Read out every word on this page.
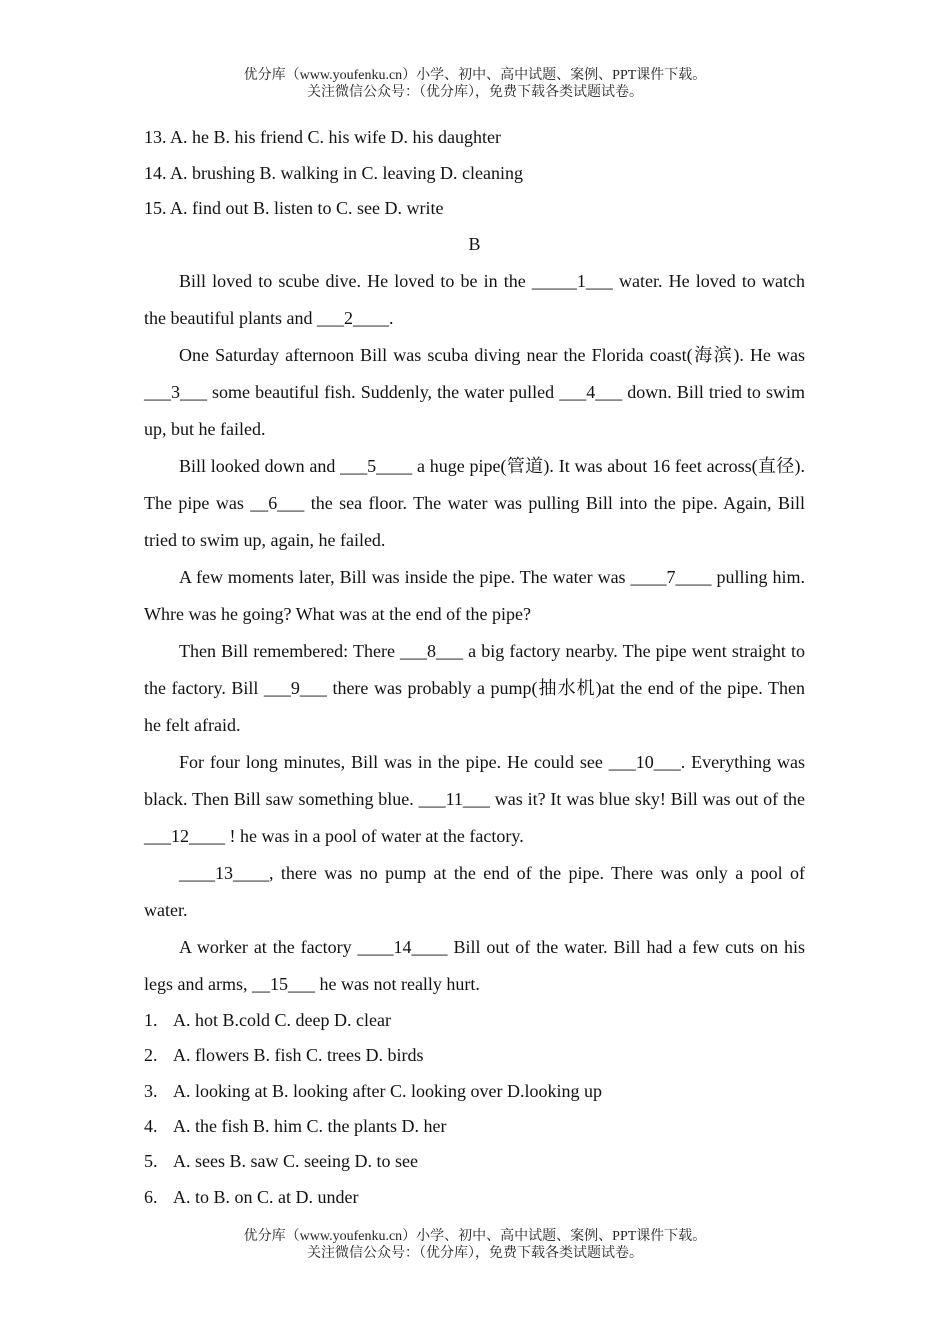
优分库（www.youfenku.cn）小学、初中、高中试题、案例、PPT课件下载。
关注微信公众号：（优分库），免费下载各类试题试卷。
13. A. he B. his friend C. his wife D. his daughter
14. A. brushing B. walking in C. leaving D. cleaning
15. A. find out B. listen to C. see D. write
B

Bill loved to scube dive. He loved to be in the _____1___ water. He loved to watch the beautiful plants and ___2____.

One Saturday afternoon Bill was scuba diving near the Florida coast(海滨). He was ___3___ some beautiful fish. Suddenly, the water pulled ___4___ down. Bill tried to swim up, but he failed.

Bill looked down and ___5____ a huge pipe(管道). It was about 16 feet across(直径). The pipe was __6___ the sea floor. The water was pulling Bill into the pipe. Again, Bill tried to swim up, again, he failed.

A few moments later, Bill was inside the pipe. The water was ____7____ pulling him. Whre was he going? What was at the end of the pipe?

Then Bill remembered: There ___8___ a big factory nearby. The pipe went straight to the factory. Bill ___9___ there was probably a pump(抽水机)at the end of the pipe. Then he felt afraid.

For four long minutes, Bill was in the pipe. He could see ___10___. Everything was black. Then Bill saw something blue. ___11___ was it? It was blue sky! Bill was out of the ___12____ ! he was in a pool of water at the factory.

____13____, there was no pump at the end of the pipe. There was only a pool of water.

A worker at the factory ____14____ Bill out of the water. Bill had a few cuts on his legs and arms, __15___ he was not really hurt.

1. A. hot B.cold C. deep D. clear
2. A. flowers B. fish C. trees D. birds
3. A. looking at B. looking after C. looking over D.looking up
4. A. the fish B. him C. the plants D. her
5. A. sees B. saw C. seeing D. to see
6. A. to B. on C. at D. under
优分库（www.youfenku.cn）小学、初中、高中试题、案例、PPT课件下载。
关注微信公众号：（优分库），免费下载各类试题试卷。
